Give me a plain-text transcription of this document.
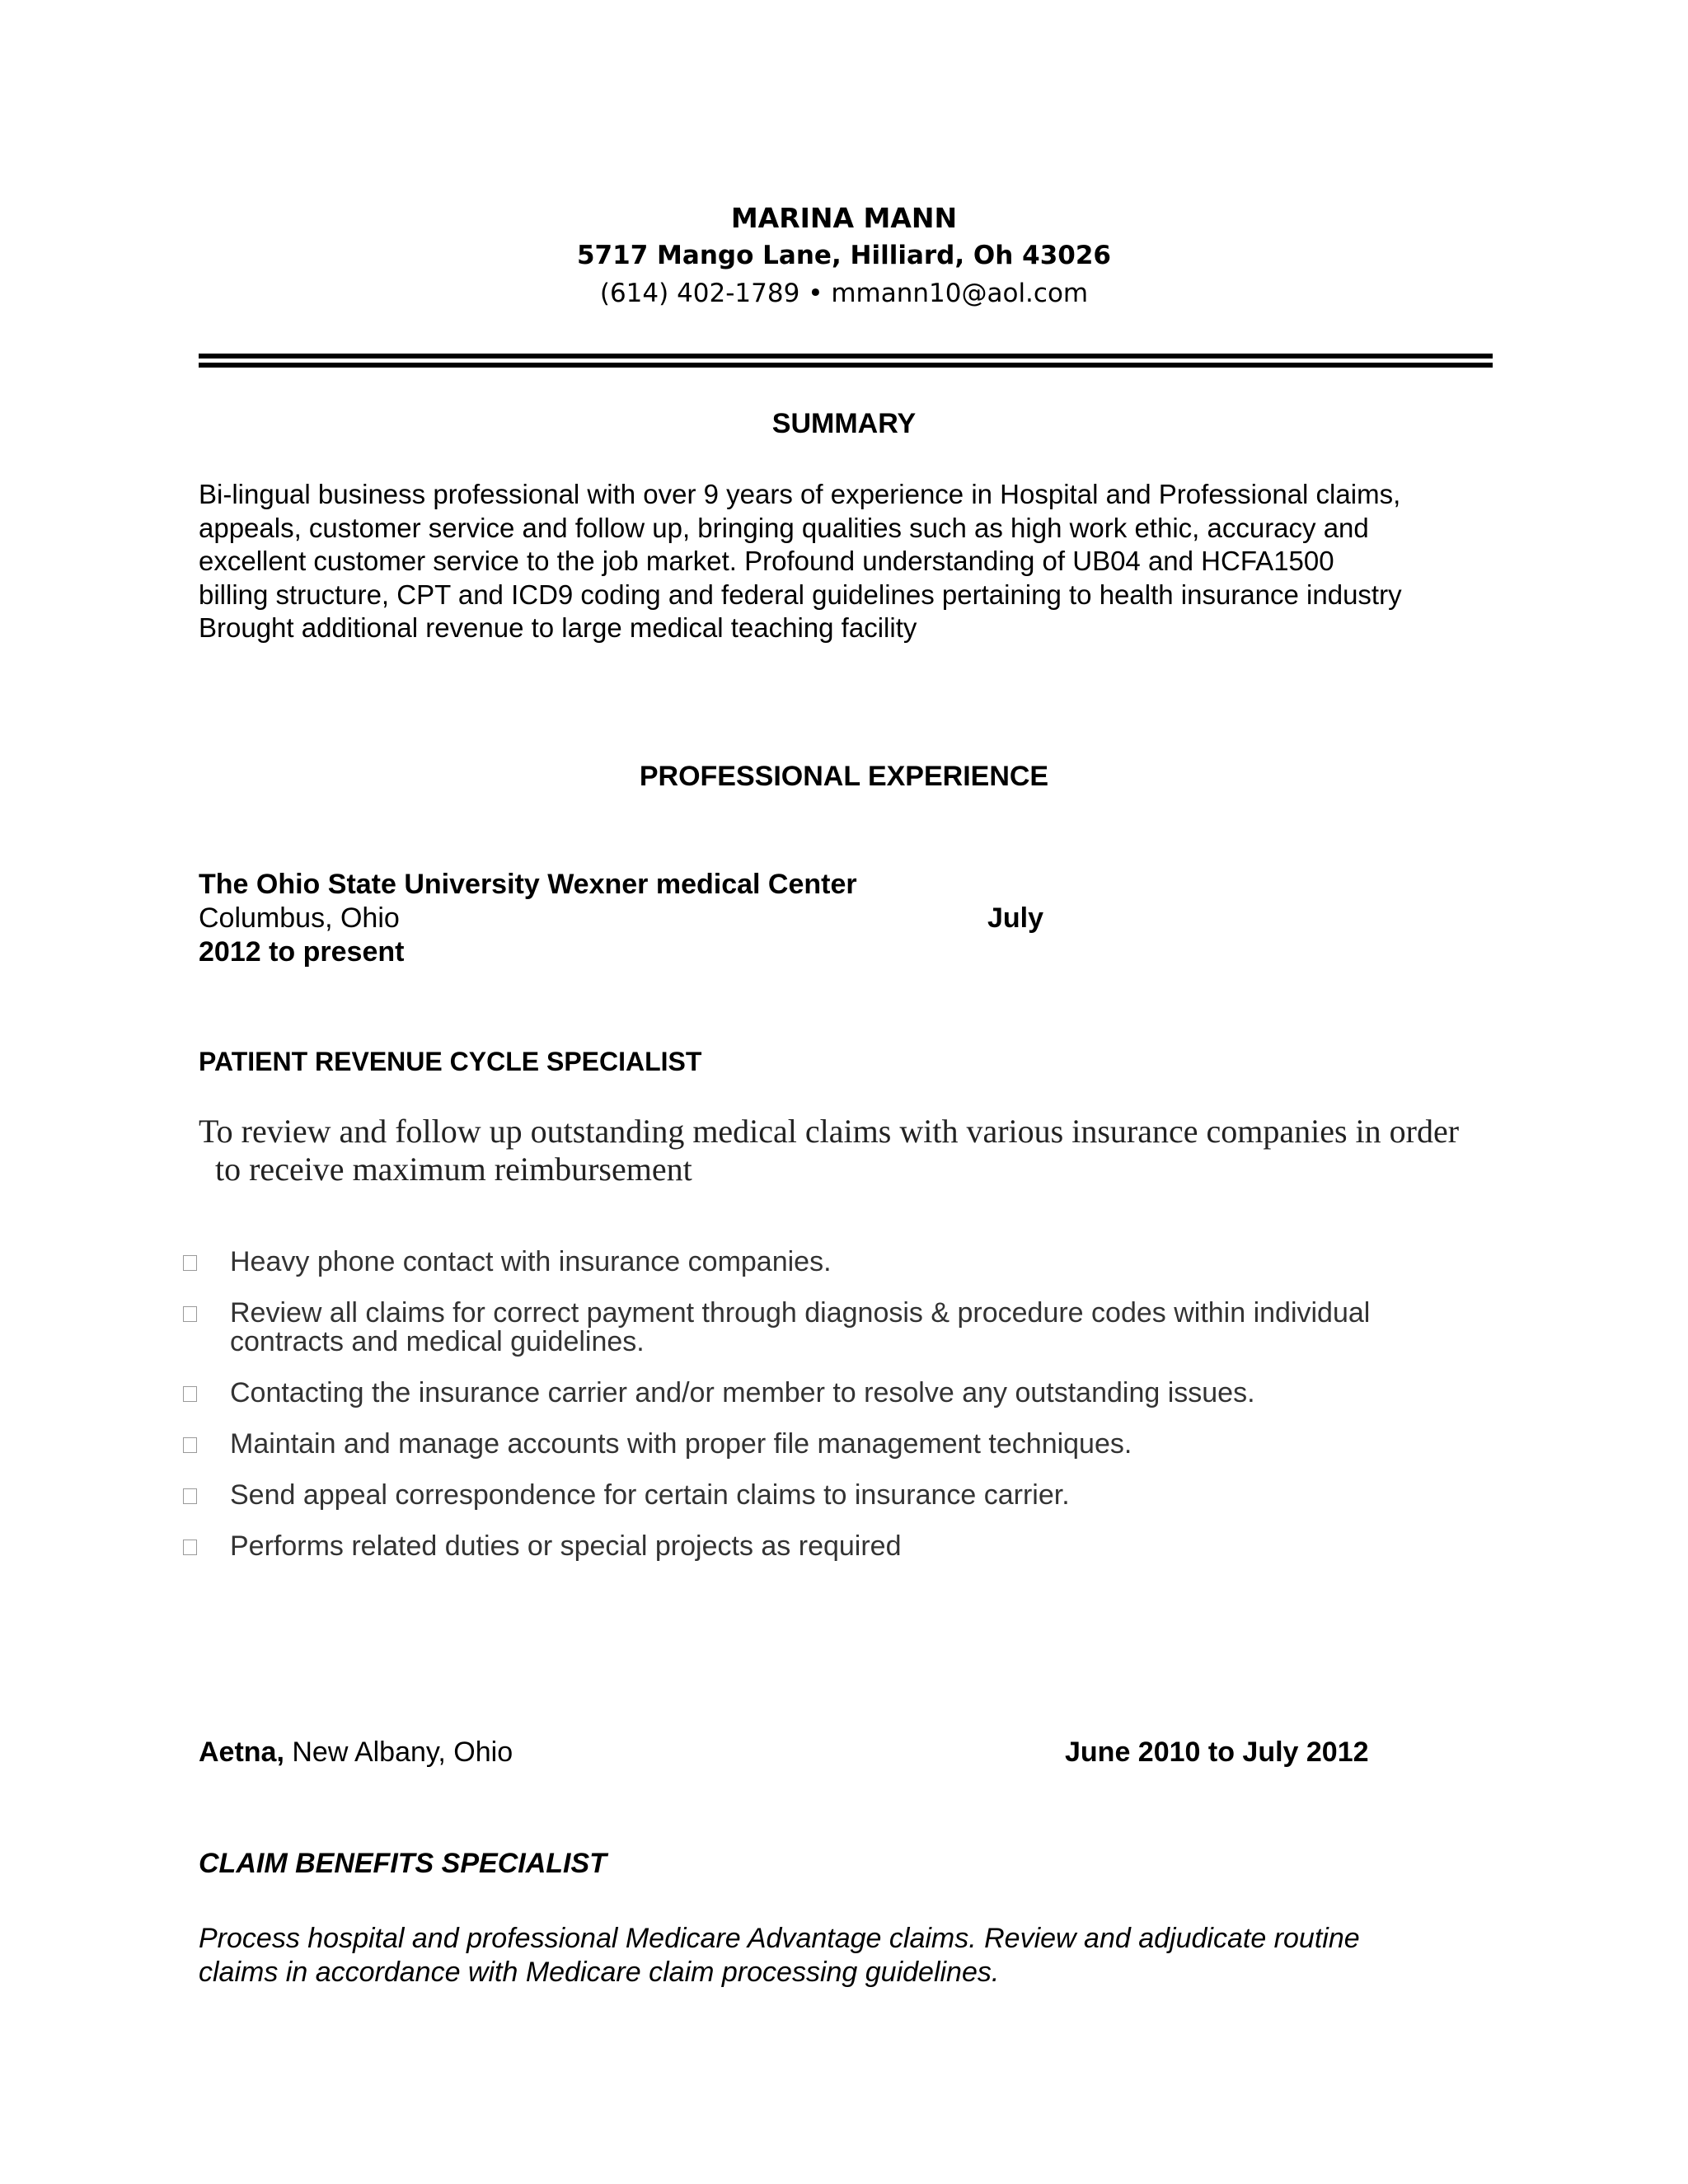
MARINA MANN

5717 Mango Lane, Hilliard, Oh 43026

(614) 402-1789 • mmann10@aol.com

SUMMARY

Bi-lingual business professional with over 9 years of experience in Hospital and Professional claims,
appeals, customer service and follow up, bringing qualities such as high work ethic, accuracy and
excellent customer service to the job market. Profound understanding of UB04 and HCFA1500
billing structure, CPT and ICD9 coding and federal guidelines pertaining to health insurance industry
Brought additional revenue to large medical teaching facility

PROFESSIONAL EXPERIENCE

The Ohio State University Wexner medical Center

Columbus, Ohio	July

2012 to present

PATIENT REVENUE CYCLE SPECIALIST

To review and follow up outstanding medical claims with various insurance companies in order
to receive maximum reimbursement
Heavy phone contact with insurance companies.
Review all claims for correct payment through diagnosis & procedure codes within individual
contracts and medical guidelines.
Contacting the insurance carrier and/or member to resolve any outstanding issues.
Maintain and manage accounts with proper file management techniques.
Send appeal correspondence for certain claims to insurance carrier.
Performs related duties or special projects as required

Aetna, New Albany, Ohio	June 2010 to July 2012

CLAIM BENEFITS SPECIALIST

Process hospital and professional Medicare Advantage claims. Review and adjudicate routine
claims in accordance with Medicare claim processing guidelines.
